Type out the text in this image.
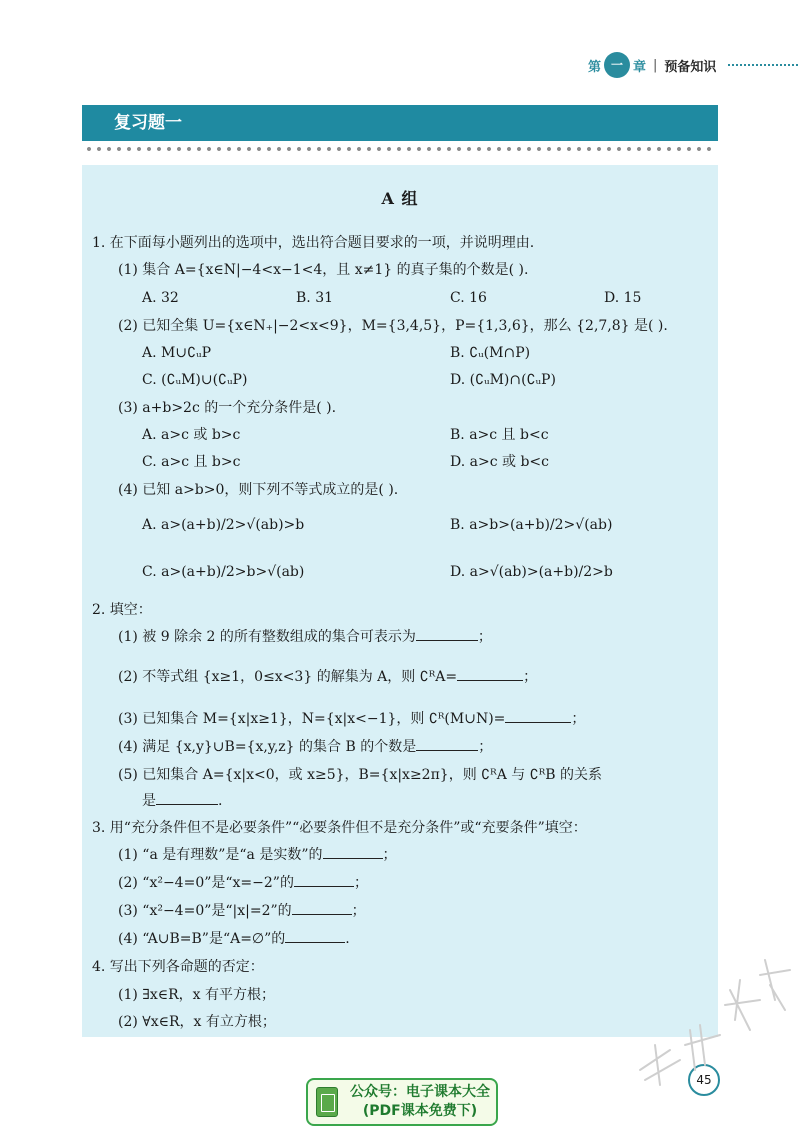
第 一 章 | 预备知识
复习题一
A 组
1. 在下面每小题列出的选项中，选出符合题目要求的一项，并说明理由.
(1) 集合 A={x∈N|−4<x−1<4，且 x≠1} 的真子集的个数是( ).
A. 32	B. 31	C. 16	D. 15
(2) 已知全集 U={x∈N₊|−2<x<9}，M={3,4,5}，P={1,3,6}，那么 {2,7,8} 是( ).
A. M∪∁ᵤP	B. ∁ᵤ(M∩P)
C. (∁ᵤM)∪(∁ᵤP)	D. (∁ᵤM)∩(∁ᵤP)
(3) a+b>2c 的一个充分条件是( ).
A. a>c 或 b>c	B. a>c 且 b<c
C. a>c 且 b>c	D. a>c 或 b<c
(4) 已知 a>b>0，则下列不等式成立的是( ).
A. a>(a+b)/2>√(ab)>b	B. a>b>(a+b)/2>√(ab)
C. a>(a+b)/2>b>√(ab)	D. a>√(ab)>(a+b)/2>b
2. 填空：
(1) 被 9 除余 2 的所有整数组成的集合可表示为	；
(2) 不等式组 {x≥1，0≤x<3} 的解集为 A，则 ∁ᴿA=	；
(3) 已知集合 M={x|x≥1}，N={x|x<−1}，则 ∁ᴿ(M∪N)=	；
(4) 满足 {x,y}∪B={x,y,z} 的集合 B 的个数是	；
(5) 已知集合 A={x|x<0，或 x≥5}，B={x|x≥2π}，则 ∁ᴿA 与 ∁ᴿB 的关系
是	.
3. 用“充分条件但不是必要条件”“必要条件但不是充分条件”或“充要条件”填空：
(1) “a 是有理数”是“a 是实数”的	；
(2) “x²−4=0”是“x=−2”的	；
(3) “x²−4=0”是“|x|=2”的	；
(4) “A∪B=B”是“A=∅”的	.
4. 写出下列各命题的否定：
(1) ∃x∈R，x 有平方根；
(2) ∀x∈R，x 有立方根；
45
公众号：电子课本大全
(PDF课本免费下)
